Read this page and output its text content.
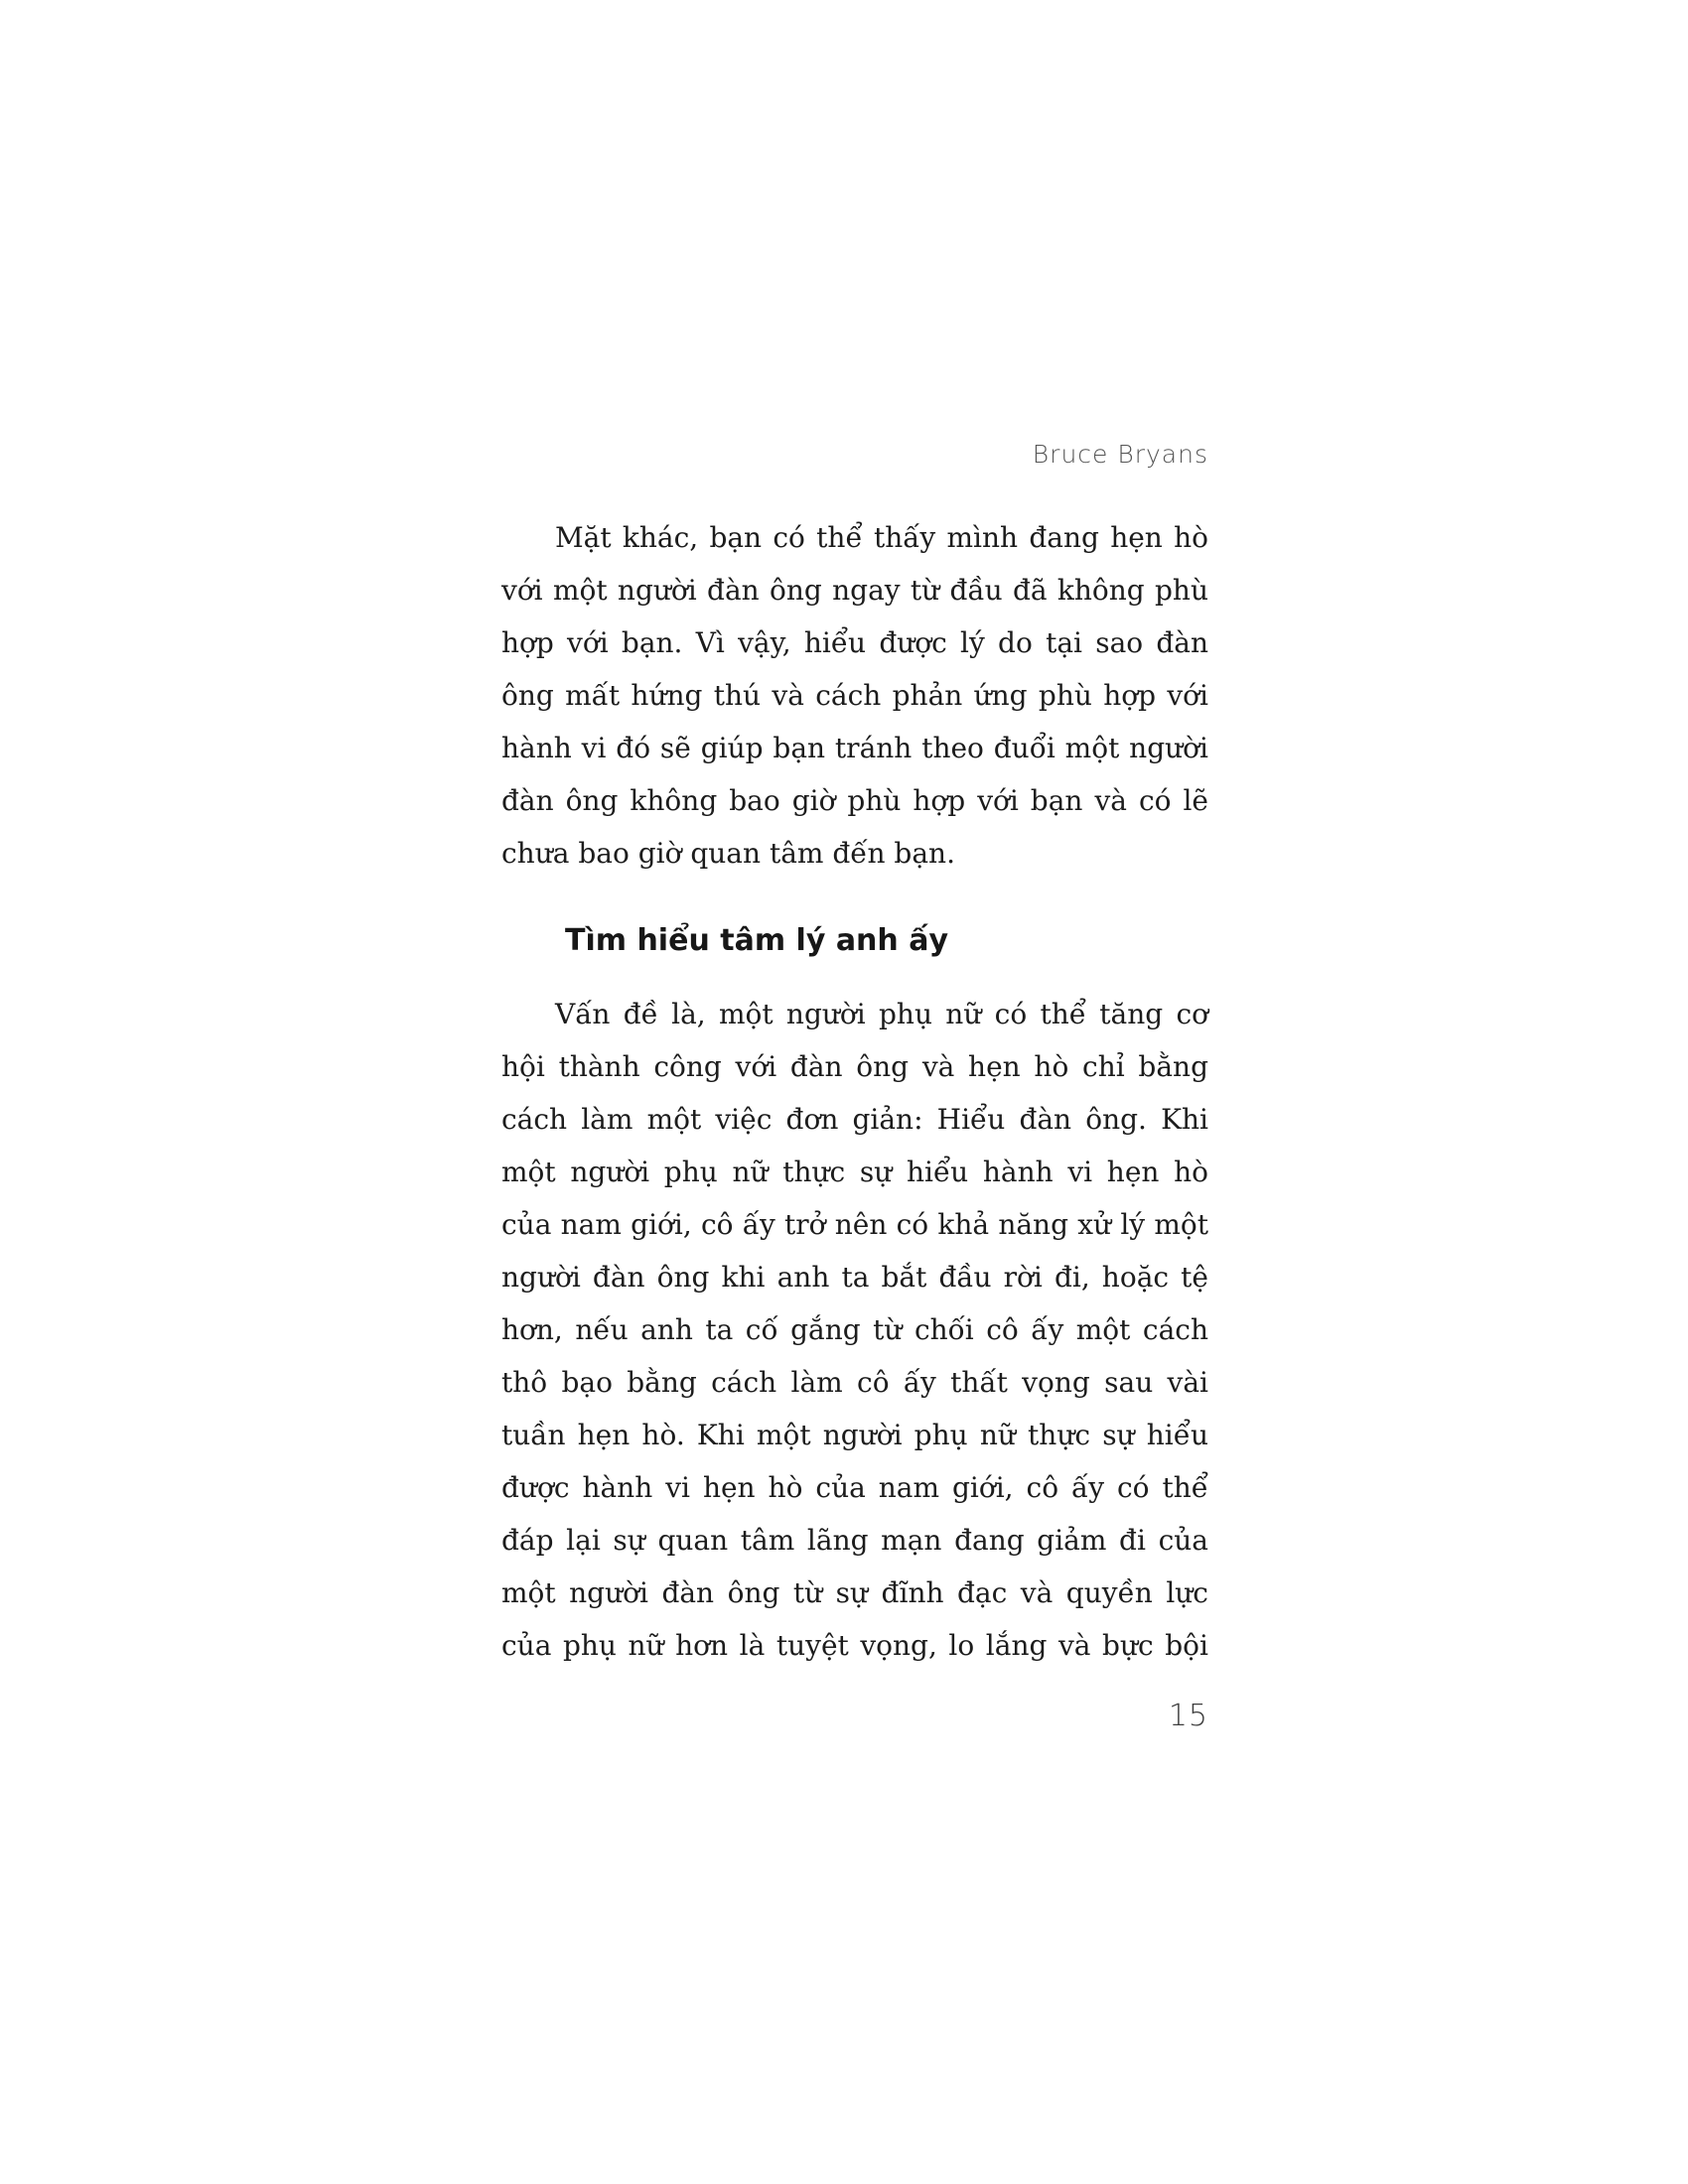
Bruce Bryans
Mặt khác, bạn có thể thấy mình đang hẹn hò
với một người đàn ông ngay từ đầu đã không phù
hợp với bạn. Vì vậy, hiểu được lý do tại sao đàn
ông mất hứng thú và cách phản ứng phù hợp với
hành vi đó sẽ giúp bạn tránh theo đuổi một người
đàn ông không bao giờ phù hợp với bạn và có lẽ
chưa bao giờ quan tâm đến bạn.
Tìm hiểu tâm lý anh ấy
Vấn đề là, một người phụ nữ có thể tăng cơ
hội thành công với đàn ông và hẹn hò chỉ bằng
cách làm một việc đơn giản: Hiểu đàn ông. Khi
một người phụ nữ thực sự hiểu hành vi hẹn hò
của nam giới, cô ấy trở nên có khả năng xử lý một
người đàn ông khi anh ta bắt đầu rời đi, hoặc tệ
hơn, nếu anh ta cố gắng từ chối cô ấy một cách
thô bạo bằng cách làm cô ấy thất vọng sau vài
tuần hẹn hò. Khi một người phụ nữ thực sự hiểu
được hành vi hẹn hò của nam giới, cô ấy có thể
đáp lại sự quan tâm lãng mạn đang giảm đi của
một người đàn ông từ sự đĩnh đạc và quyền lực
của phụ nữ hơn là tuyệt vọng, lo lắng và bực bội
15
